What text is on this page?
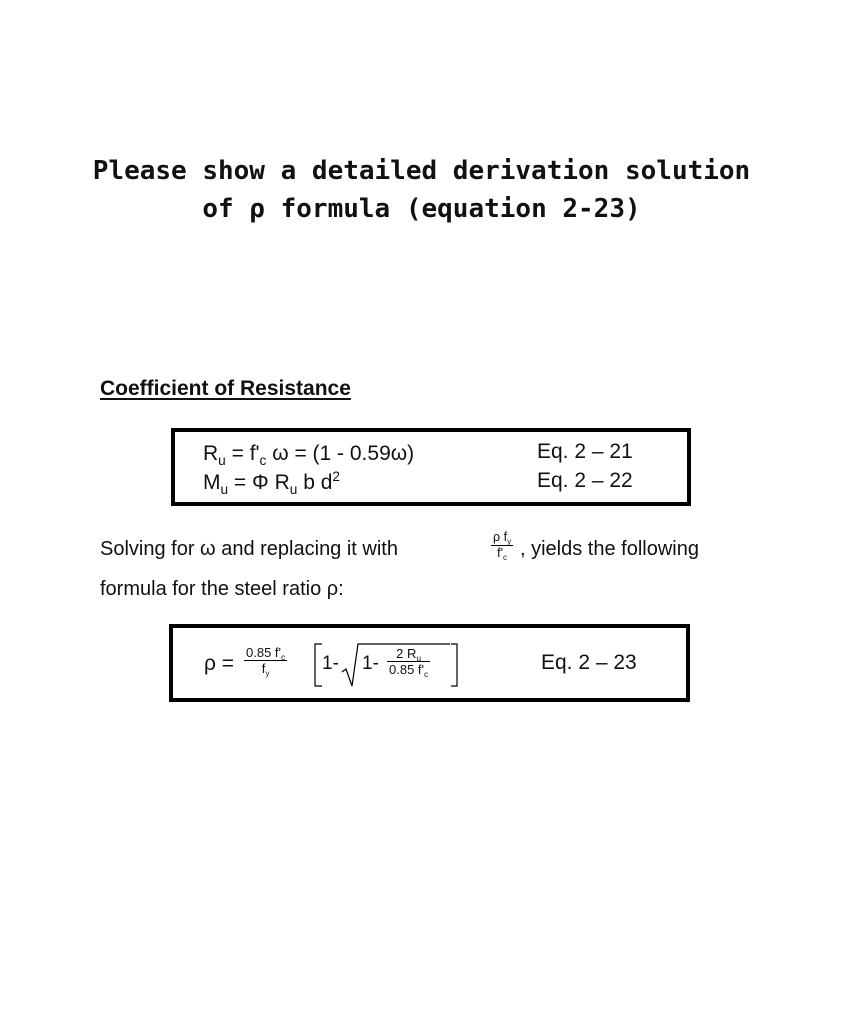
Please show a detailed derivation solution
of ρ formula (equation 2-23)
Coefficient of Resistance
$R_u = f'_c$ ω = (1 - 0.59ω)	Eq. 2 – 21
$M_u = \Phi$ $R_u$ b $d^2$	Eq. 2 – 22
Solving for ω and replacing it with	$\frac{\rho f_y}{f'_c}$ , yields the following
formula for the steel ratio ρ:
$\rho = \frac{0.85 f'_c}{f_y} 1-$ $1- \frac{2 R_u}{0.85 f'_c}$	Eq. 2 – 23
